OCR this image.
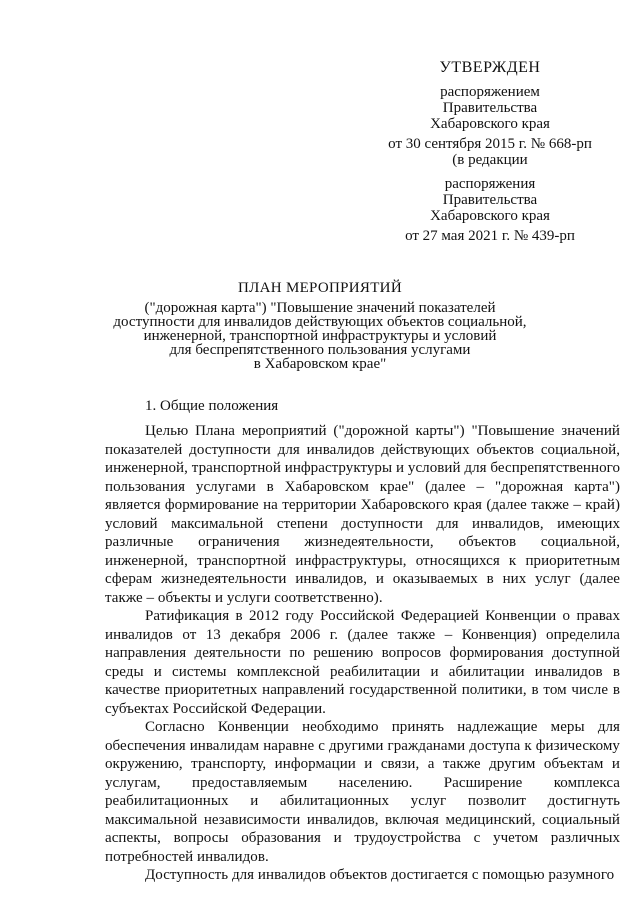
УТВЕРЖДЕН
распоряжением
Правительства
Хабаровского края
от 30 сентября 2015 г. № 668-рп
(в редакции
распоряжения
Правительства
Хабаровского края
от 27 мая 2021 г. № 439-рп
ПЛАН МЕРОПРИЯТИЙ
("дорожная карта") "Повышение значений показателей
доступности для инвалидов действующих объектов социальной,
инженерной, транспортной инфраструктуры и условий
для беспрепятственного пользования услугами
в Хабаровском крае"
1. Общие положения

Целью Плана мероприятий ("дорожной карты") "Повышение значений показателей доступности для инвалидов действующих объектов социальной, инженерной, транспортной инфраструктуры и условий для беспрепятственного пользования услугами в Хабаровском крае" (далее – "дорожная карта") является формирование на территории Хабаровского края (далее также – край) условий максимальной степени доступности для инвалидов, имеющих различные ограничения жизнедеятельности, объектов социальной, инженерной, транспортной инфраструктуры, относящихся к приоритетным сферам жизнедеятельности инвалидов, и оказываемых в них услуг (далее также – объекты и услуги соответственно).

Ратификация в 2012 году Российской Федерацией Конвенции о правах инвалидов от 13 декабря 2006 г. (далее также – Конвенция) определила направления деятельности по решению вопросов формирования доступной среды и системы комплексной реабилитации и абилитации инвалидов в качестве приоритетных направлений государственной политики, в том числе в субъектах Российской Федерации.

Согласно Конвенции необходимо принять надлежащие меры для обеспечения инвалидам наравне с другими гражданами доступа к физическому окружению, транспорту, информации и связи, а также другим объектам и услугам, предоставляемым населению. Расширение комплекса реабилитационных и абилитационных услуг позволит достигнуть максимальной независимости инвалидов, включая медицинский, социальный аспекты, вопросы образования и трудоустройства с учетом различных потребностей инвалидов.

Доступность для инвалидов объектов достигается с помощью разумного
